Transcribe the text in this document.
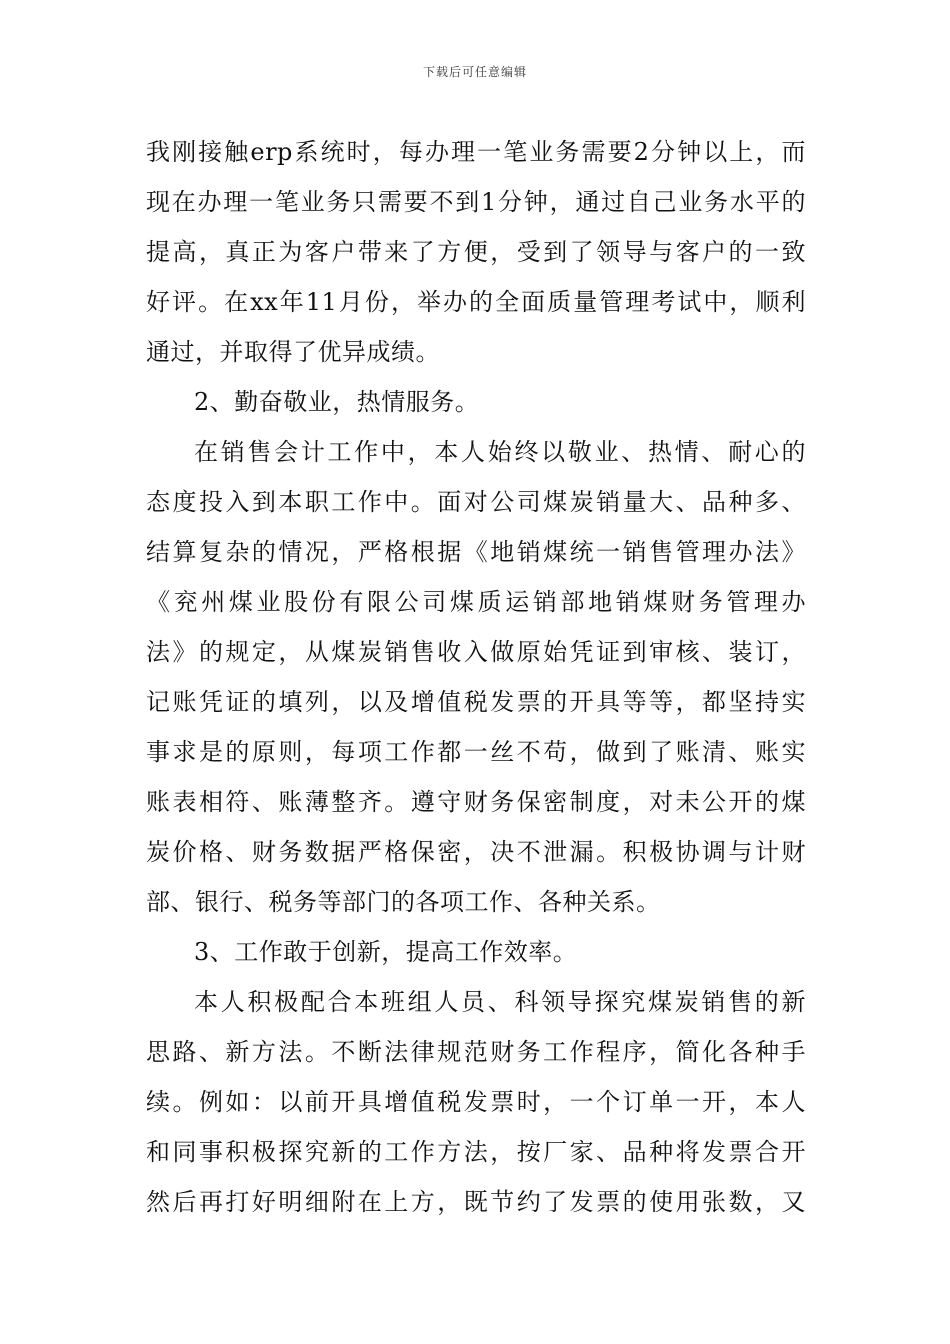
下载后可任意编辑
我刚接触erp系统时，每办理一笔业务需要2分钟以上，而
现在办理一笔业务只需要不到1分钟，通过自己业务水平的
提高，真正为客户带来了方便，受到了领导与客户的一致
好评。在xx年11月份，举办的全面质量管理考试中，顺利
通过，并取得了优异成绩。
2、勤奋敬业，热情服务。
在销售会计工作中，本人始终以敬业、热情、耐心的
态度投入到本职工作中。面对公司煤炭销量大、品种多、
结算复杂的情况，严格根据《地销煤统一销售管理办法》
《兖州煤业股份有限公司煤质运销部地销煤财务管理办
法》的规定，从煤炭销售收入做原始凭证到审核、装订，
记账凭证的填列，以及增值税发票的开具等等，都坚持实
事求是的原则，每项工作都一丝不苟，做到了账清、账实
账表相符、账薄整齐。遵守财务保密制度，对未公开的煤
炭价格、财务数据严格保密，决不泄漏。积极协调与计财
部、银行、税务等部门的各项工作、各种关系。
3、工作敢于创新，提高工作效率。
本人积极配合本班组人员、科领导探究煤炭销售的新
思路、新方法。不断法律规范财务工作程序，简化各种手
续。例如：以前开具增值税发票时，一个订单一开，本人
和同事积极探究新的工作方法，按厂家、品种将发票合开
然后再打好明细附在上方，既节约了发票的使用张数，又
